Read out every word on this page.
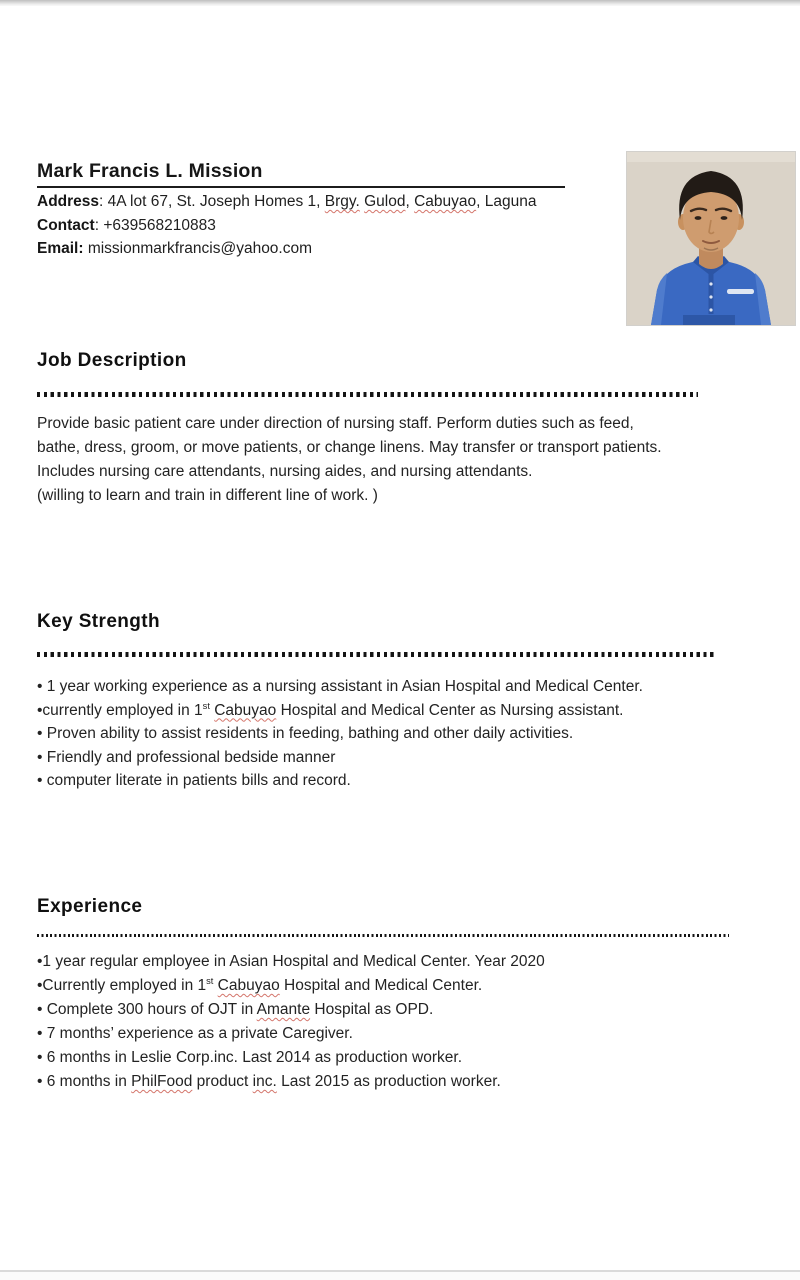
Mark Francis L. Mission
Address: 4A lot 67, St. Joseph Homes 1, Brgy. Gulod, Cabuyao, Laguna
Contact: +639568210883
Email: missionmarkfrancis@yahoo.com
Job Description
Provide basic patient care under direction of nursing staff. Perform duties such as feed,
bathe, dress, groom, or move patients, or change linens. May transfer or transport patients.
Includes nursing care attendants, nursing aides, and nursing attendants.
(willing to learn and train in different line of work. )
Key Strength
• 1 year working experience as a nursing assistant in Asian Hospital and Medical Center.
•currently employed in 1st Cabuyao Hospital and Medical Center as Nursing assistant.
• Proven ability to assist residents in feeding, bathing and other daily activities.
• Friendly and professional bedside manner
• computer literate in patients bills and record.
Experience
•1 year regular employee in Asian Hospital and Medical Center. Year 2020
•Currently employed in 1st Cabuyao Hospital and Medical Center.
• Complete 300 hours of OJT in Amante Hospital as OPD.
• 7 months’ experience as a private Caregiver.
• 6 months in Leslie Corp.inc. Last 2014 as production worker.
• 6 months in PhilFood product inc. Last 2015 as production worker.
